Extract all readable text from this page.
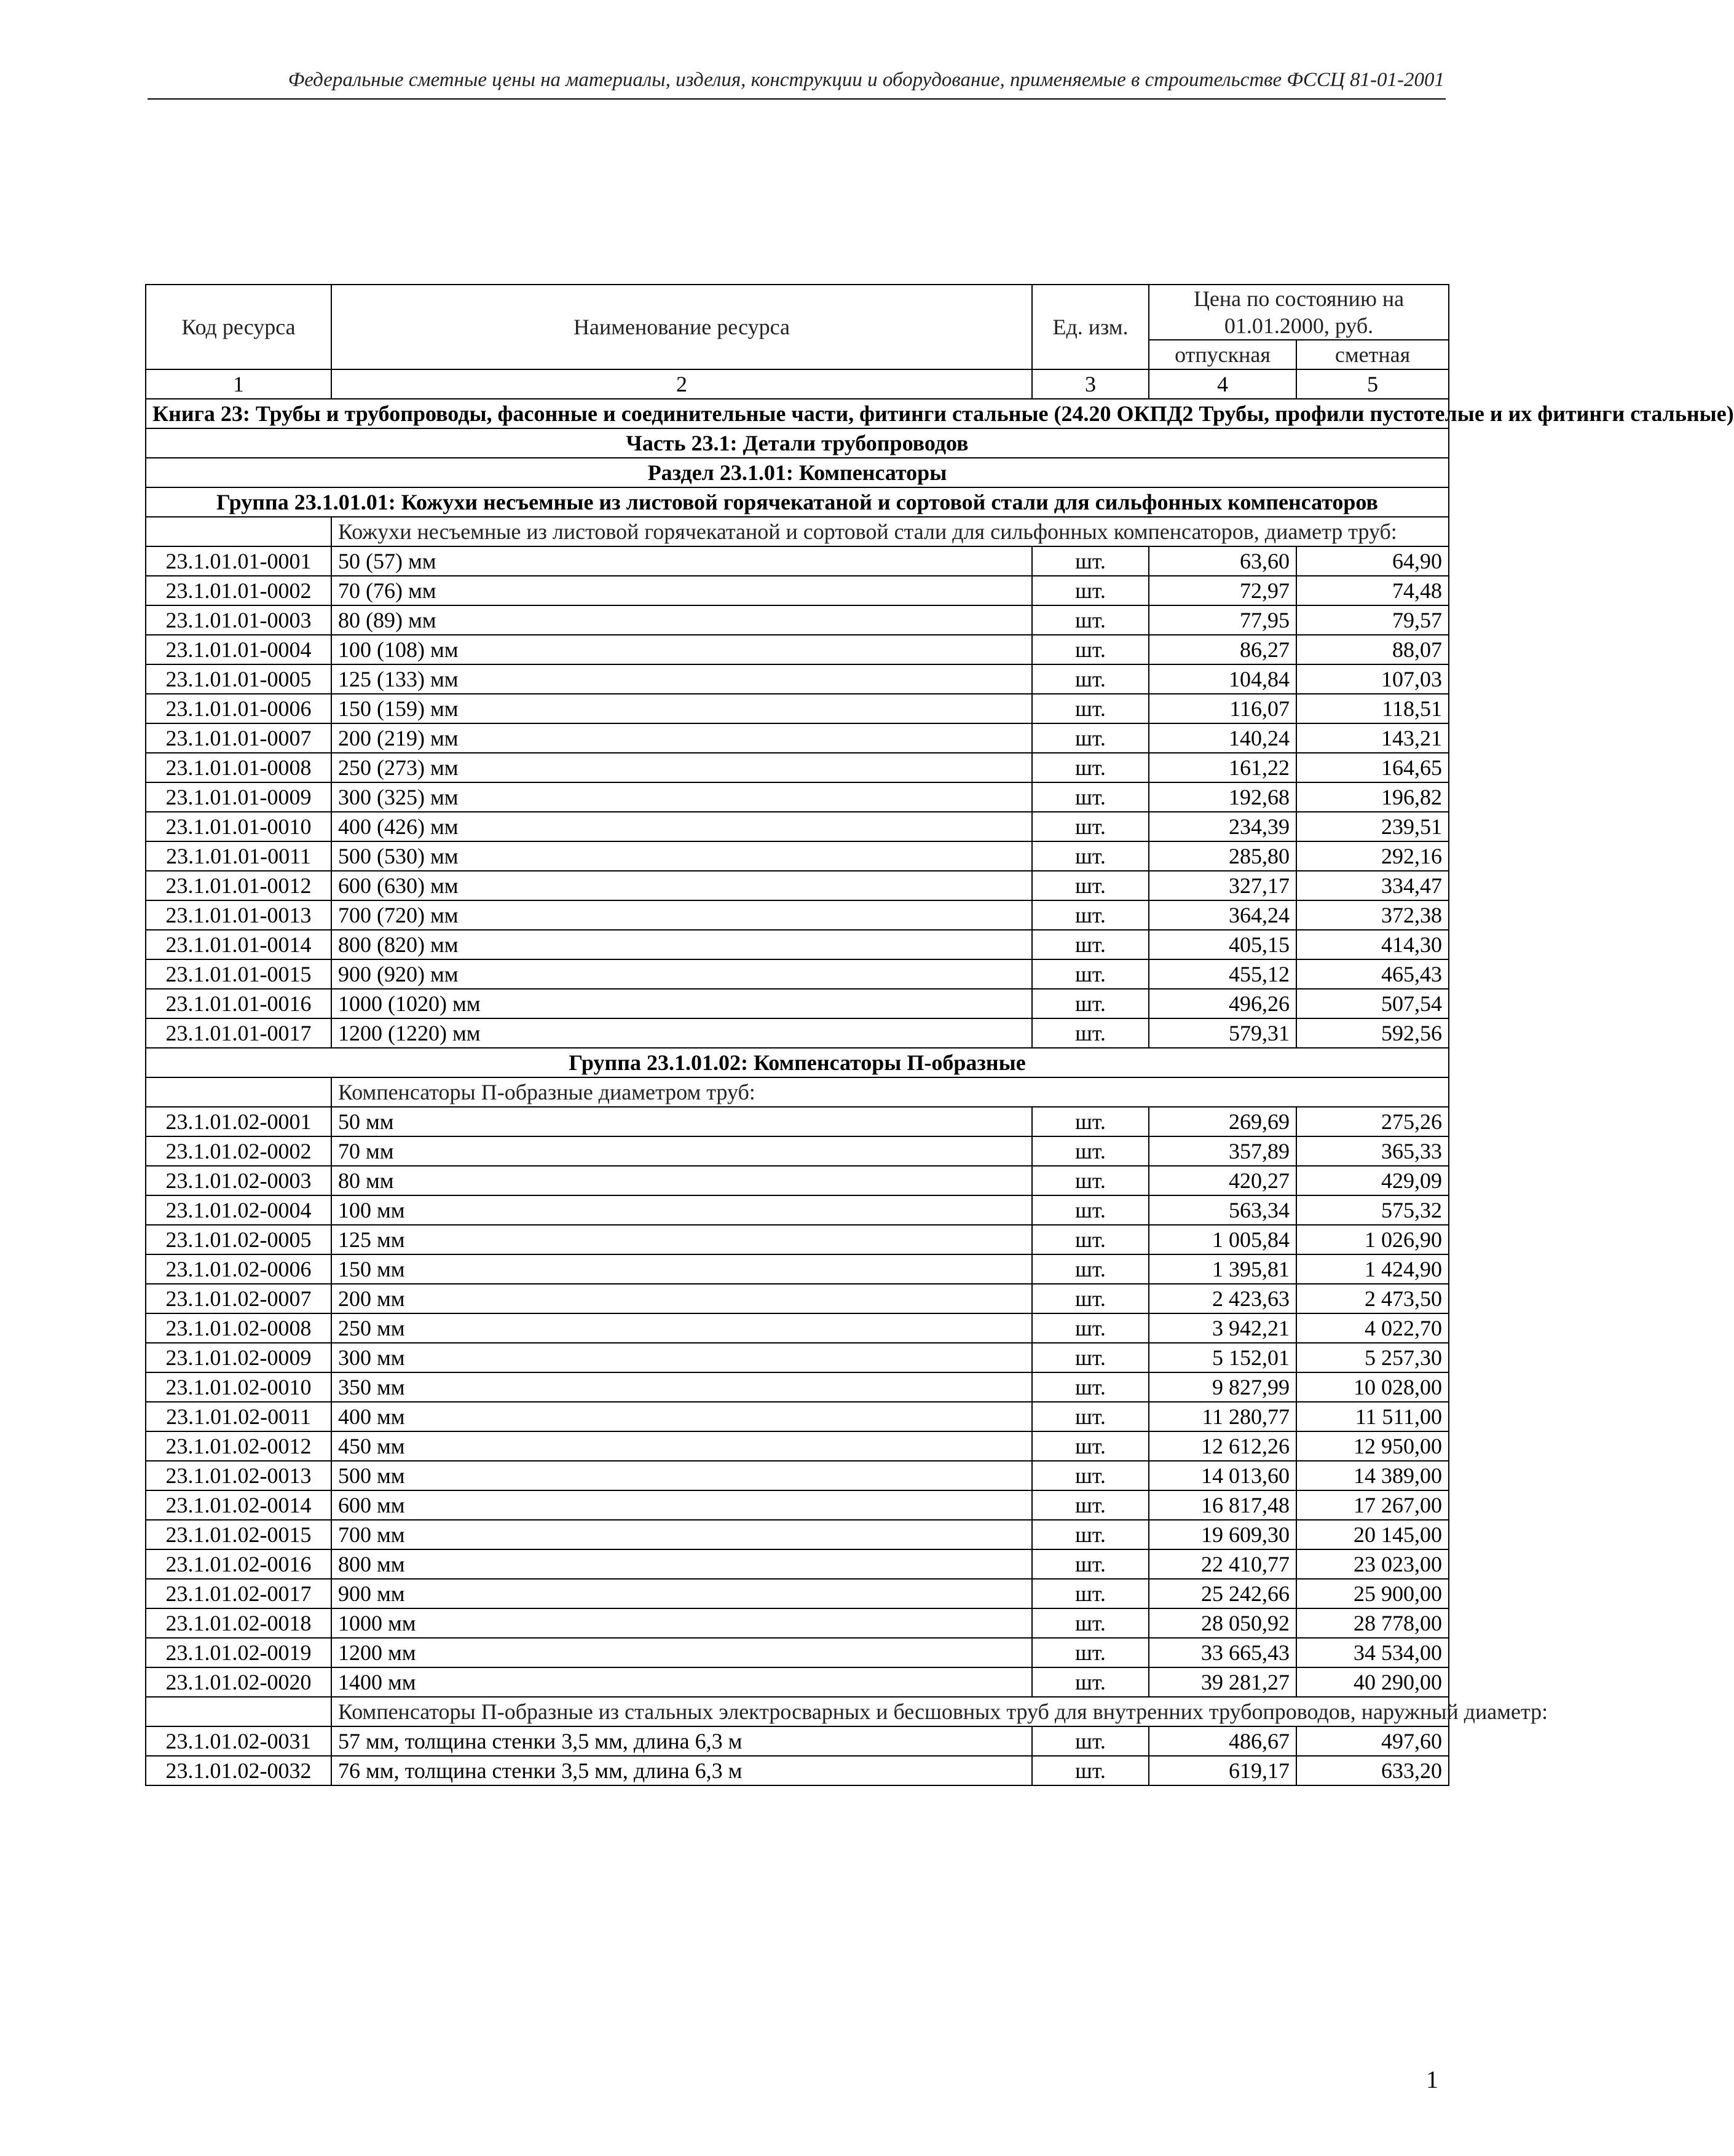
Федеральные сметные цены на материалы, изделия, конструкции и оборудование, применяемые в строительстве ФССЦ 81-01-2001
Код ресурса	Наименование ресурса	Ед. изм.	Цена по состоянию на 01.01.2000, руб.	
			отпускная	сметная
1	2	3	4	5
Книга 23: Трубы и трубопроводы, фасонные и соединительные части, фитинги стальные (24.20 ОКПД2 Трубы, профили пустотелые и их фитинги стальные)				
Часть 23.1: Детали трубопроводов				
Раздел 23.1.01: Компенсаторы				
Группа 23.1.01.01: Кожухи несъемные из листовой горячекатаной и сортовой стали для сильфонных компенсаторов				
	Кожухи несъемные из листовой горячекатаной и сортовой стали для сильфонных компенсаторов, диаметр труб:			
23.1.01.01-0001	50 (57) мм	шт.	63,60	64,90
23.1.01.01-0002	70 (76) мм	шт.	72,97	74,48
23.1.01.01-0003	80 (89) мм	шт.	77,95	79,57
23.1.01.01-0004	100 (108) мм	шт.	86,27	88,07
23.1.01.01-0005	125 (133) мм	шт.	104,84	107,03
23.1.01.01-0006	150 (159) мм	шт.	116,07	118,51
23.1.01.01-0007	200 (219) мм	шт.	140,24	143,21
23.1.01.01-0008	250 (273) мм	шт.	161,22	164,65
23.1.01.01-0009	300 (325) мм	шт.	192,68	196,82
23.1.01.01-0010	400 (426) мм	шт.	234,39	239,51
23.1.01.01-0011	500 (530) мм	шт.	285,80	292,16
23.1.01.01-0012	600 (630) мм	шт.	327,17	334,47
23.1.01.01-0013	700 (720) мм	шт.	364,24	372,38
23.1.01.01-0014	800 (820) мм	шт.	405,15	414,30
23.1.01.01-0015	900 (920) мм	шт.	455,12	465,43
23.1.01.01-0016	1000 (1020) мм	шт.	496,26	507,54
23.1.01.01-0017	1200 (1220) мм	шт.	579,31	592,56
Группа 23.1.01.02: Компенсаторы П-образные				
	Компенсаторы П-образные диаметром труб:			
23.1.01.02-0001	50 мм	шт.	269,69	275,26
23.1.01.02-0002	70 мм	шт.	357,89	365,33
23.1.01.02-0003	80 мм	шт.	420,27	429,09
23.1.01.02-0004	100 мм	шт.	563,34	575,32
23.1.01.02-0005	125 мм	шт.	1 005,84	1 026,90
23.1.01.02-0006	150 мм	шт.	1 395,81	1 424,90
23.1.01.02-0007	200 мм	шт.	2 423,63	2 473,50
23.1.01.02-0008	250 мм	шт.	3 942,21	4 022,70
23.1.01.02-0009	300 мм	шт.	5 152,01	5 257,30
23.1.01.02-0010	350 мм	шт.	9 827,99	10 028,00
23.1.01.02-0011	400 мм	шт.	11 280,77	11 511,00
23.1.01.02-0012	450 мм	шт.	12 612,26	12 950,00
23.1.01.02-0013	500 мм	шт.	14 013,60	14 389,00
23.1.01.02-0014	600 мм	шт.	16 817,48	17 267,00
23.1.01.02-0015	700 мм	шт.	19 609,30	20 145,00
23.1.01.02-0016	800 мм	шт.	22 410,77	23 023,00
23.1.01.02-0017	900 мм	шт.	25 242,66	25 900,00
23.1.01.02-0018	1000 мм	шт.	28 050,92	28 778,00
23.1.01.02-0019	1200 мм	шт.	33 665,43	34 534,00
23.1.01.02-0020	1400 мм	шт.	39 281,27	40 290,00
	Компенсаторы П-образные из стальных электросварных и бесшовных труб для внутренних трубопроводов, наружный диаметр:			
23.1.01.02-0031	57 мм, толщина стенки 3,5 мм, длина 6,3 м	шт.	486,67	497,60
23.1.01.02-0032	76 мм, толщина стенки 3,5 мм, длина 6,3 м	шт.	619,17	633,20
1
